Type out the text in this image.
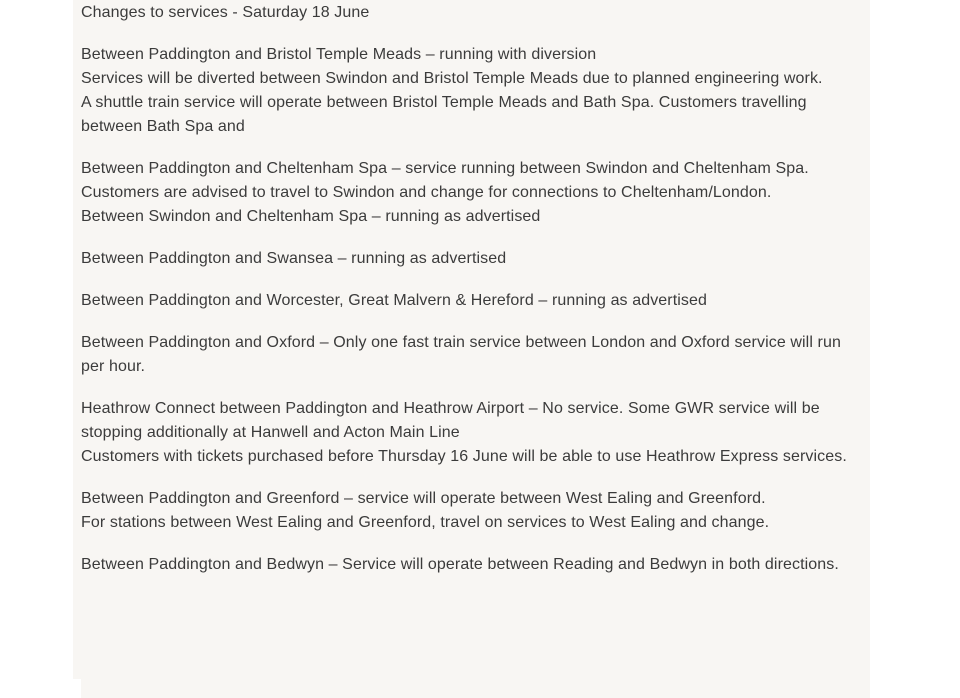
Changes to services - Saturday 18 June
Between Paddington and Bristol Temple Meads – running with diversion
Services will be diverted between Swindon and Bristol Temple Meads due to planned engineering work.
A shuttle train service will operate between Bristol Temple Meads and Bath Spa. Customers travelling between Bath Spa and
Between Paddington and Cheltenham Spa – service running between Swindon and Cheltenham Spa.
Customers are advised to travel to Swindon and change for connections to Cheltenham/London.
Between Swindon and Cheltenham Spa – running as advertised
Between Paddington and Swansea – running as advertised
Between Paddington and Worcester, Great Malvern & Hereford – running as advertised
Between Paddington and Oxford – Only one fast train service between London and Oxford service will run per hour.
Heathrow Connect between Paddington and Heathrow Airport – No service. Some GWR service will be stopping additionally at Hanwell and Acton Main Line
Customers with tickets purchased before Thursday 16 June will be able to use Heathrow Express services.
Between Paddington and Greenford – service will operate between West Ealing and Greenford.
For stations between West Ealing and Greenford, travel on services to West Ealing and change.
Between Paddington and Bedwyn – Service will operate between Reading and Bedwyn in both directions.
